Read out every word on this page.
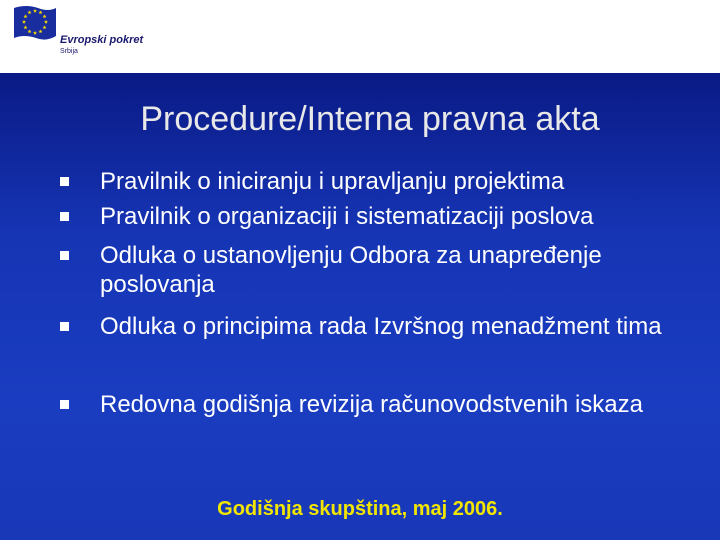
Evropski pokret
Srbija
Procedure/Interna pravna akta
Pravilnik o iniciranju i upravljanju projektima
Pravilnik o organizaciji i sistematizaciji poslova
Odluka o ustanovljenju Odbora za unapređenje poslovanja
Odluka o principima rada Izvršnog menadžment tima
Redovna godišnja revizija računovodstvenih iskaza
Godišnja skupština, maj 2006.
